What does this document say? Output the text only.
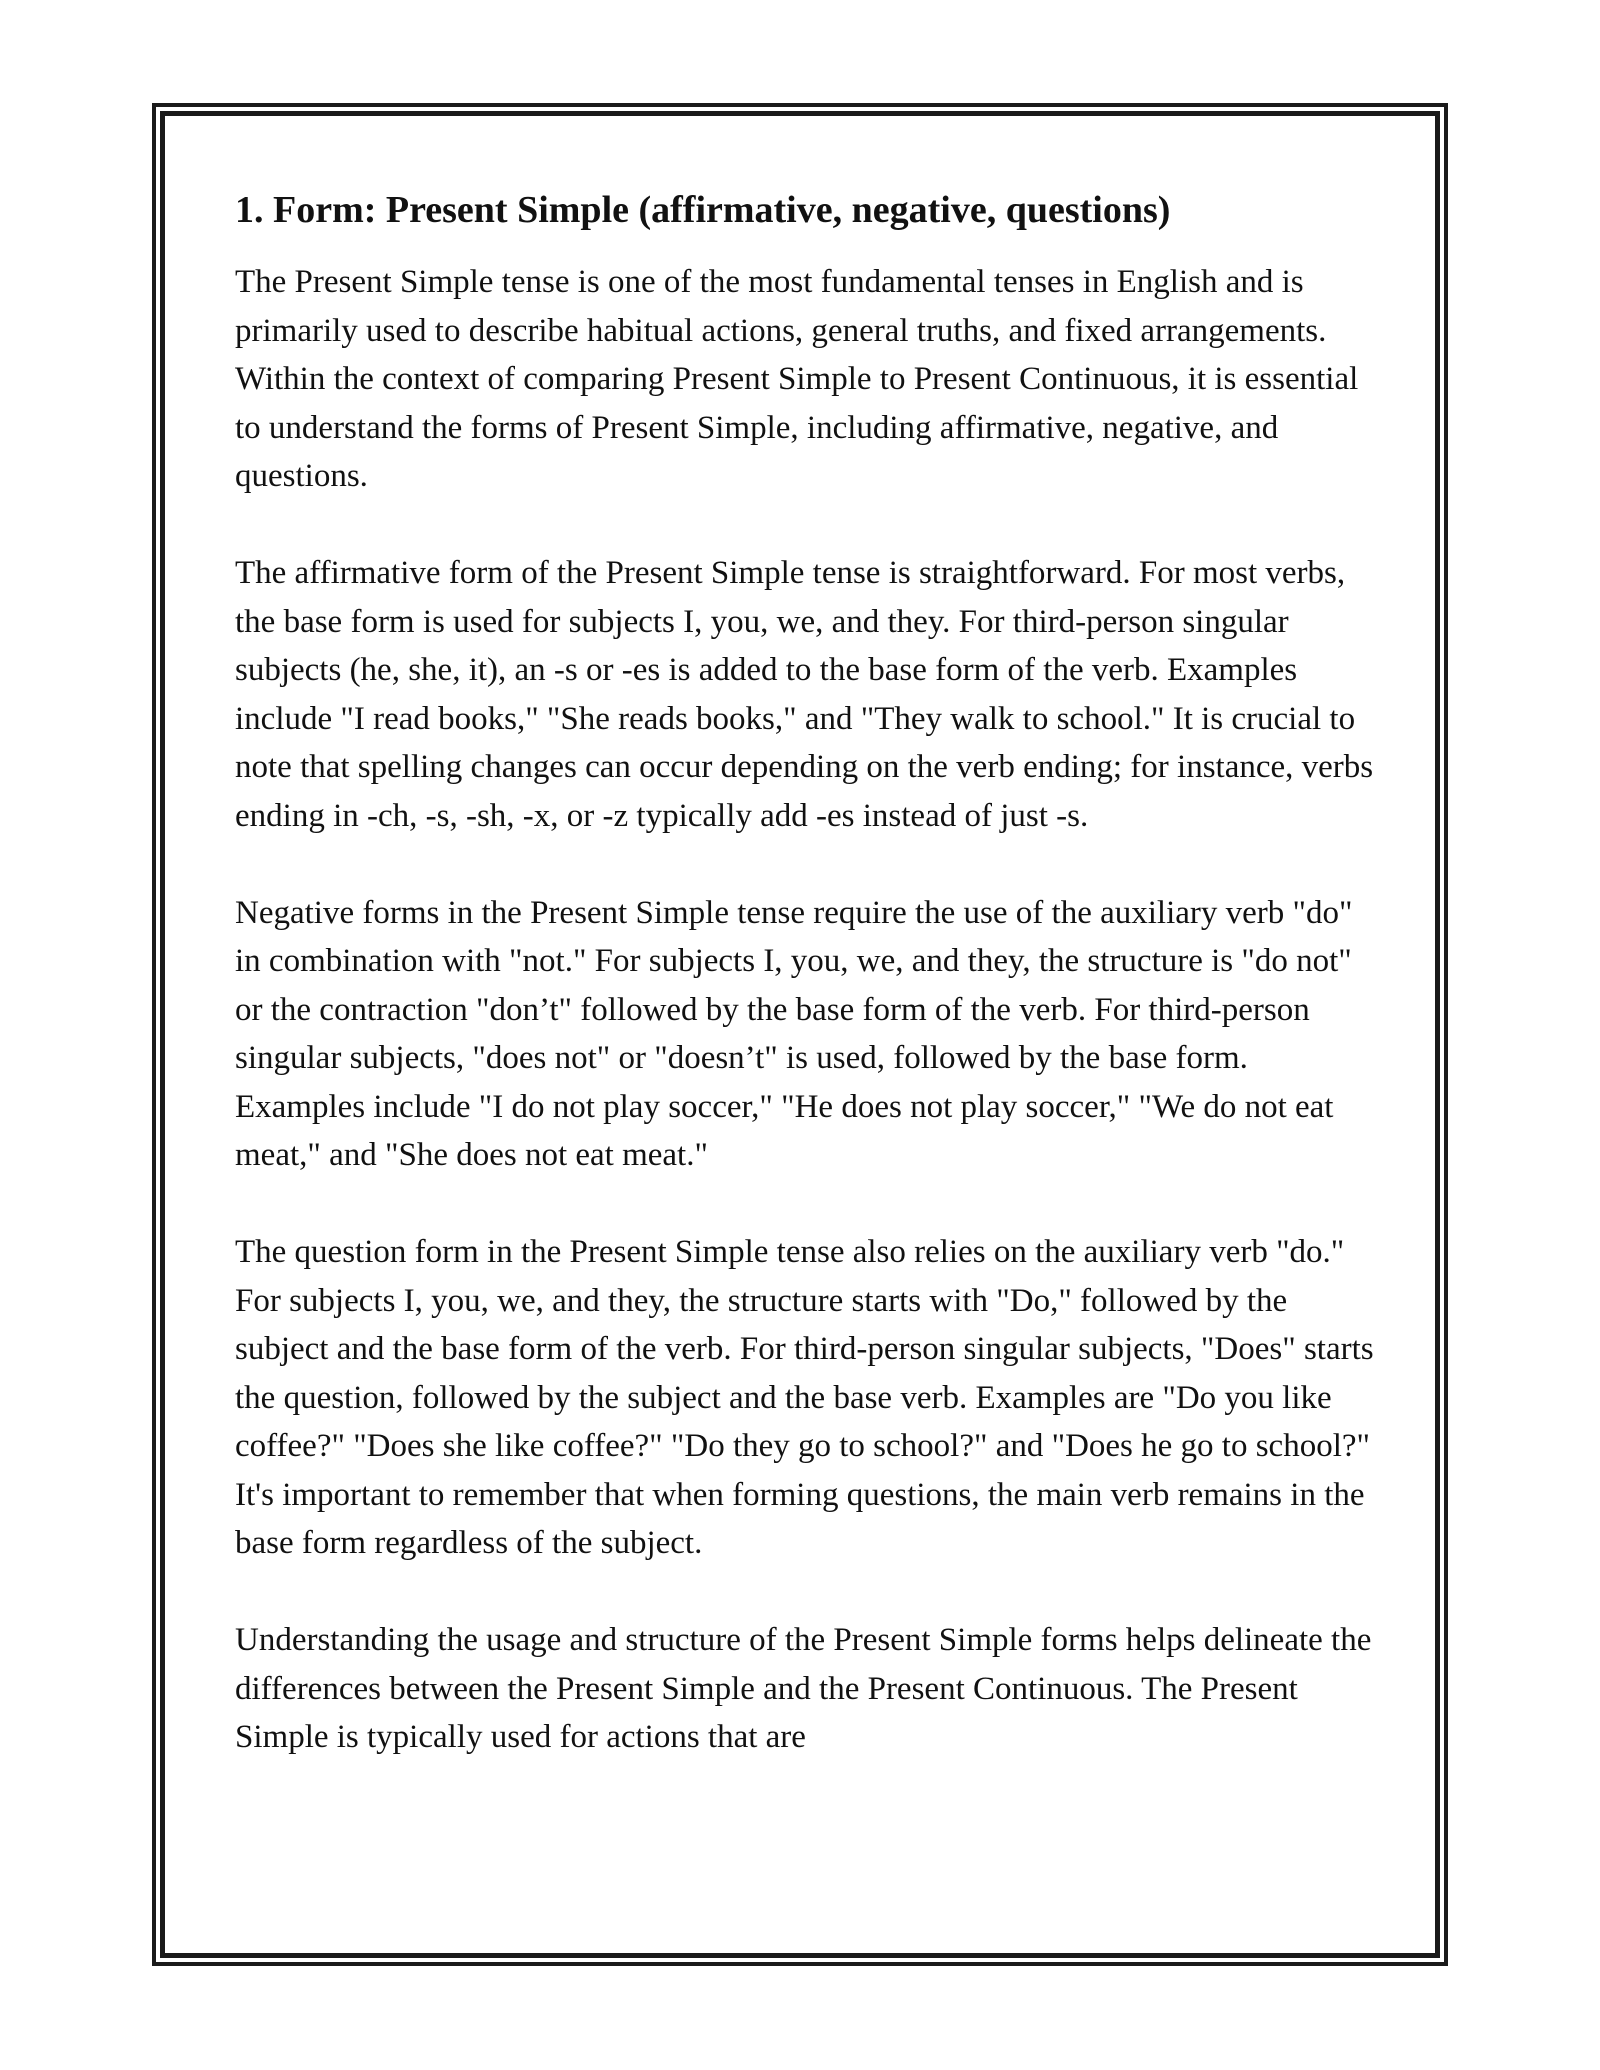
1. Form: Present Simple (affirmative, negative, questions)

The Present Simple tense is one of the most fundamental tenses in English and is primarily used to describe habitual actions, general truths, and fixed arrangements. Within the context of comparing Present Simple to Present Continuous, it is essential to understand the forms of Present Simple, including affirmative, negative, and questions.

The affirmative form of the Present Simple tense is straightforward. For most verbs, the base form is used for subjects I, you, we, and they. For third-person singular subjects (he, she, it), an -s or -es is added to the base form of the verb. Examples include "I read books," "She reads books," and "They walk to school." It is crucial to note that spelling changes can occur depending on the verb ending; for instance, verbs ending in -ch, -s, -sh, -x, or -z typically add -es instead of just -s.

Negative forms in the Present Simple tense require the use of the auxiliary verb "do" in combination with "not." For subjects I, you, we, and they, the structure is "do not" or the contraction "don’t" followed by the base form of the verb. For third-person singular subjects, "does not" or "doesn’t" is used, followed by the base form. Examples include "I do not play soccer," "He does not play soccer," "We do not eat meat," and "She does not eat meat."

The question form in the Present Simple tense also relies on the auxiliary verb "do." For subjects I, you, we, and they, the structure starts with "Do," followed by the subject and the base form of the verb. For third-person singular subjects, "Does" starts the question, followed by the subject and the base verb. Examples are "Do you like coffee?" "Does she like coffee?" "Do they go to school?" and "Does he go to school?" It's important to remember that when forming questions, the main verb remains in the base form regardless of the subject.

Understanding the usage and structure of the Present Simple forms helps delineate the differences between the Present Simple and the Present Continuous. The Present Simple is typically used for actions that are
